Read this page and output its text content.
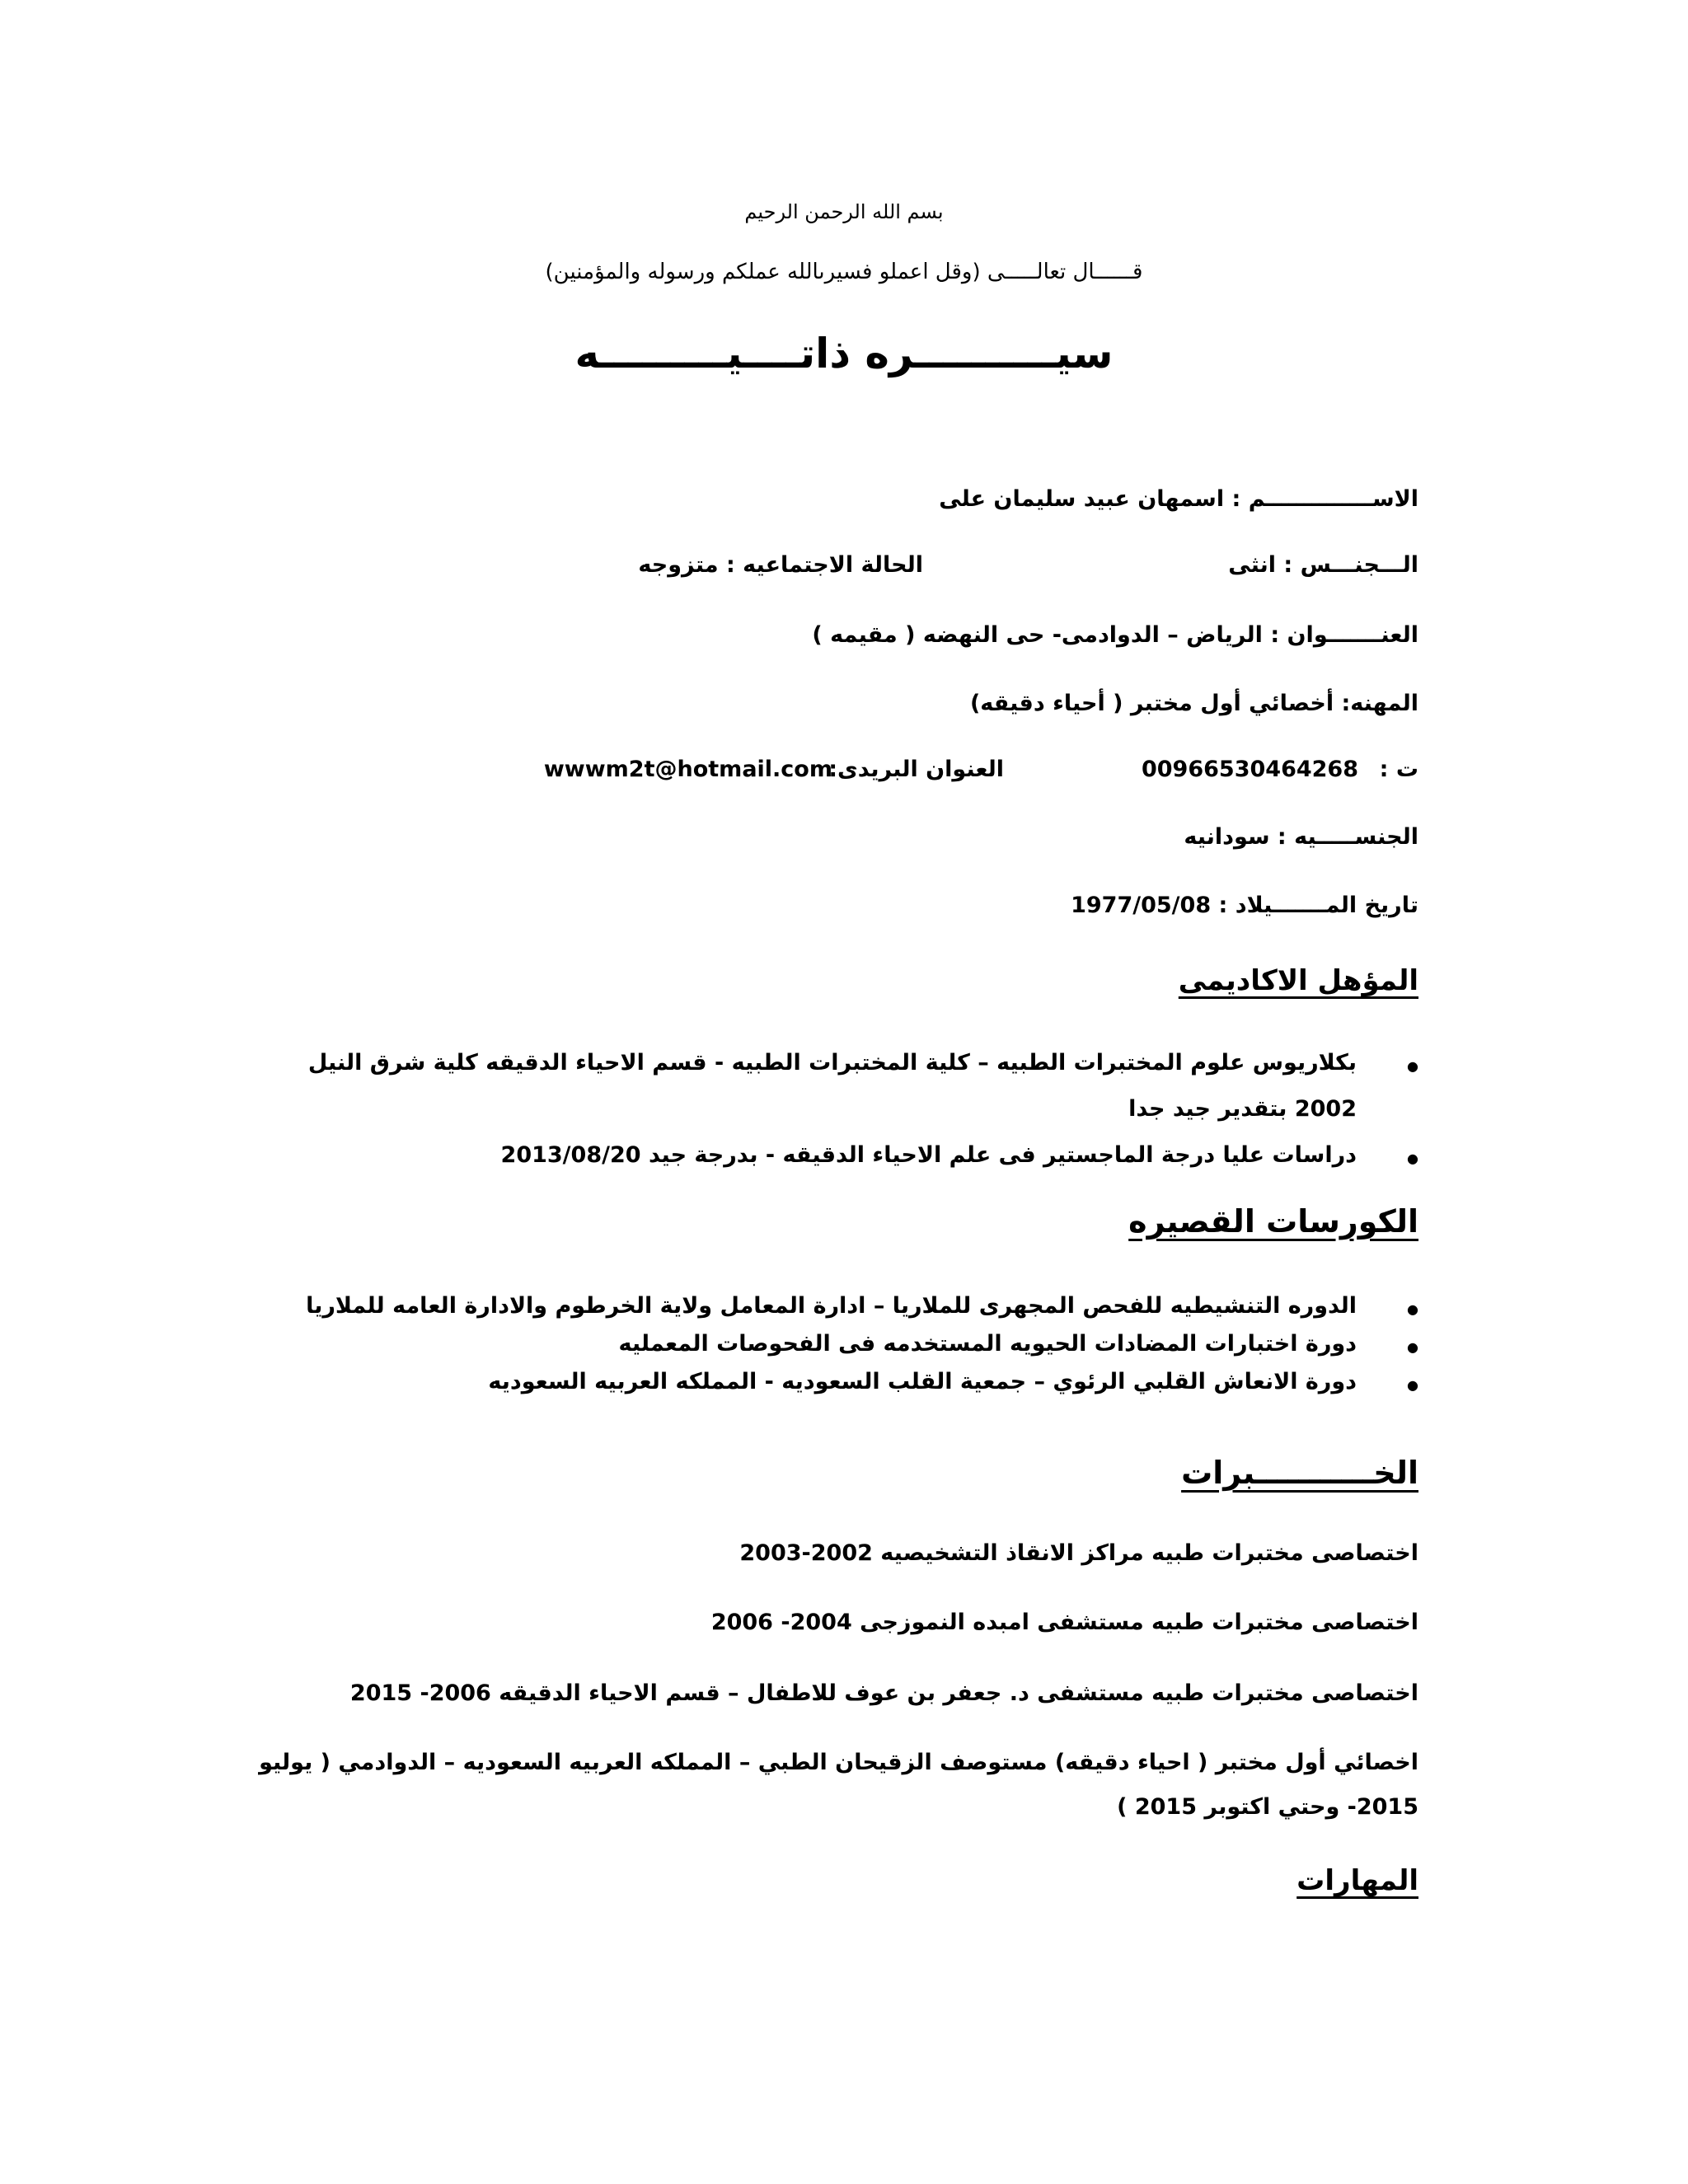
بسم الله الرحمن الرحيم
قــــــال تعالـــــى (وقل اعملو فسيرىالله عملكم ورسوله والمؤمنين)
سيــــــــــره ذاتــــيـــــــــه
الاســــــــــــــم : اسمهان عبيد سليمان على
الـــجنـــس : انثى
الحالة الاجتماعيه : متزوجه
العنـــــــوان : الرياض – الدوادمى- حى النهضه ( مقيمه )
المهنه: أخصائي أول مختبر ( أحياء دقيقه)
ت :
00966530464268
العنوان البريدى:
wwwm2t@hotmail.com
الجنســـــيه : سودانيه
تاريخ المـــــــيلاد : 1977/05/08
المؤهل الاكاديمى
● بكلاريوس علوم المختبرات الطبيه – كلية المختبرات الطبيه - قسم الاحياء الدقيقه كلية شرق النيل 2002 بتقدير جيد جدا
● دراسات عليا درجة الماجستير فى علم الاحياء الدقيقه - بدرجة جيد 2013/08/20
الكورسات القصيره
● الدوره التنشيطيه للفحص المجهرى للملاريا – ادارة المعامل ولاية الخرطوم والادارة العامه للملاريا
● دورة اختبارات المضادات الحيويه المستخدمه فى الفحوصات المعمليه
● دورة الانعاش القلبي الرئوي – جمعية القلب السعوديه - المملكه العربيه السعوديه
الخـــــــــــبرات
اختصاصى مختبرات طبيه مراكز الانقاذ التشخيصيه 2002-2003
اختصاصى مختبرات طبيه مستشفى امبده النموزجى 2004- 2006
اختصاصى مختبرات طبيه مستشفى د. جعفر بن عوف للاطفال – قسم الاحياء الدقيقه 2006- 2015
اخصائي أول مختبر ( احياء دقيقه) مستوصف الزقيحان الطبي – المملكه العربيه السعوديه – الدوادمي ( يوليو 2015- وحتي اكتوبر 2015 )
المهارات
